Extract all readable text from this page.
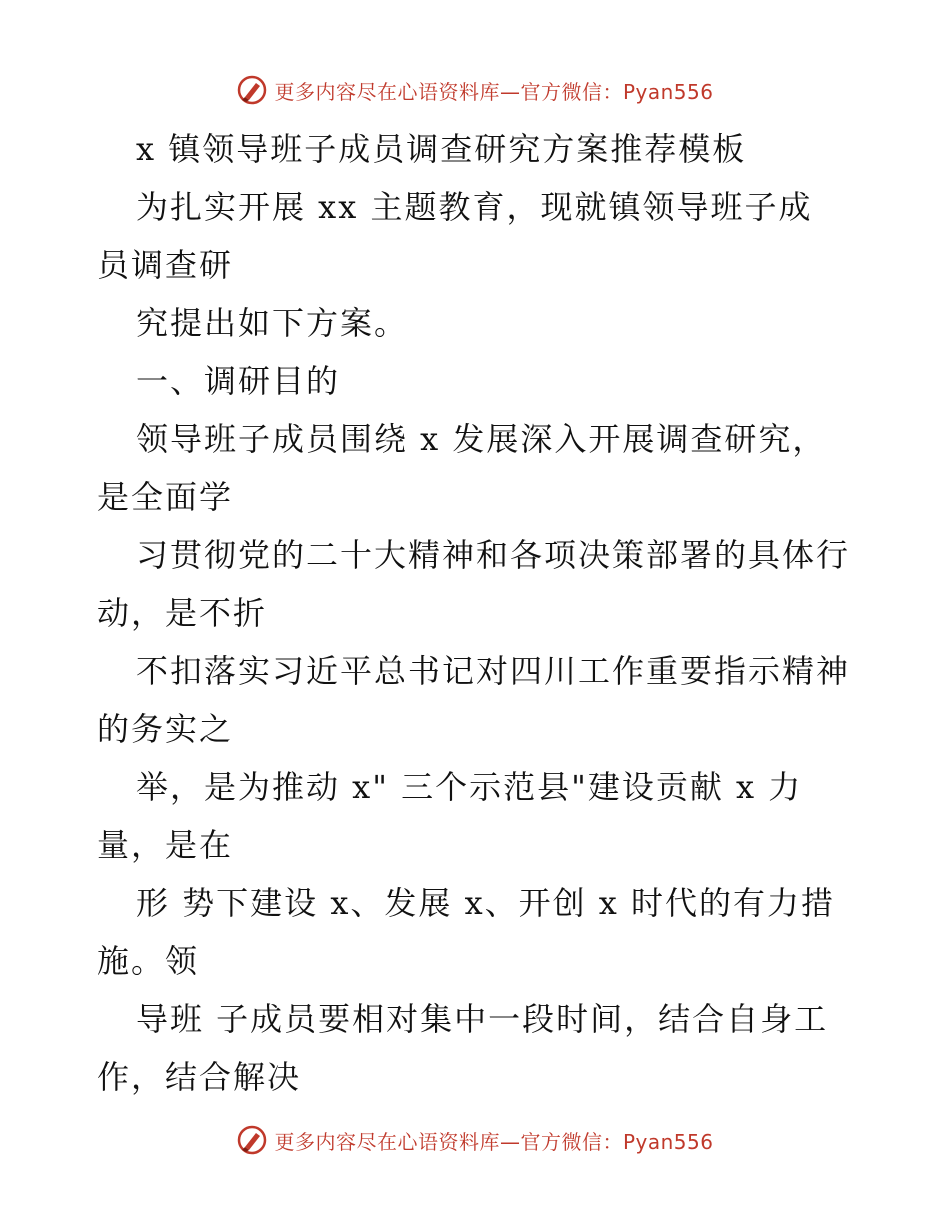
更多内容尽在心语资料库—官方微信：Pyan556
x 镇领导班子成员调查研究方案推荐模板
为扎实开展 xx 主题教育，现就镇领导班子成
员调查研
究提出如下方案。
一、调研目的
领导班子成员围绕 x 发展深入开展调查研究，
是全面学
习贯彻党的二十大精神和各项决策部署的具体行
动，是不折
不扣落实习近平总书记对四川工作重要指示精神
的务实之
举，是为推动 x" 三个示范县"建设贡献 x 力
量，是在
形 势下建设 x、发展 x、开创 x 时代的有力措
施。领
导班 子成员要相对集中一段时间，结合自身工
作，结合解决
更多内容尽在心语资料库—官方微信：Pyan556
